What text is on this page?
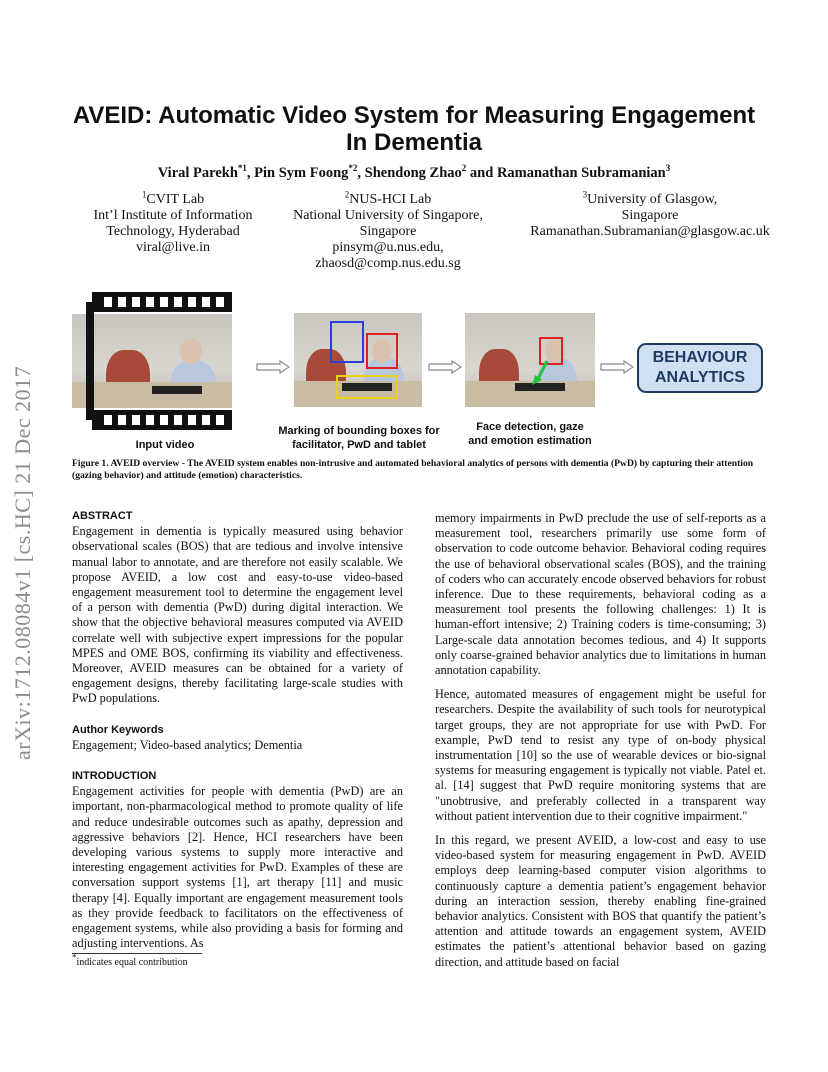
AVEID: Automatic Video System for Measuring Engagement
In Dementia
Viral Parekh$^{*1}$, Pin Sym Foong$^{*2}$, Shendong Zhao$^2$ and Ramanathan Subramanian$^3$
$^1$CVIT Lab
Int’l Institute of Information
Technology, Hyderabad
viral@live.in
$^2$NUS-HCI Lab
National University of Singapore,
Singapore
pinsym@u.nus.edu,
zhaosd@comp.nus.edu.sg
$^3$University of Glasgow,
Singapore
Ramanathan.Subramanian@glasgow.ac.uk
arXiv:1712.08084v1 [cs.HC] 21 Dec 2017	Input video
Marking of bounding boxes for
facilitator, PwD and tablet
Face detection, gaze
and emotion estimation
BEHAVIOUR
ANALYTICS
Figure 1. AVEID overview - The AVEID system enables non-intrusive and automated behavioral analytics of persons with dementia (PwD) by capturing their attention (gazing behavior) and attitude (emotion) characteristics.

ABSTRACT

Engagement in dementia is typically measured using behavior observational scales (BOS) that are tedious and involve intensive manual labor to annotate, and are therefore not easily scalable. We propose AVEID, a low cost and easy-to-use video-based engagement measurement tool to determine the engagement level of a person with dementia (PwD) during digital interaction. We show that the objective behavioral measures computed via AVEID correlate well with subjective expert impressions for the popular MPES and OME BOS, confirming its viability and effectiveness. Moreover, AVEID measures can be obtained for a variety of engagement designs, thereby facilitating large-scale studies with PwD populations.

Author Keywords

Engagement; Video-based analytics; Dementia

INTRODUCTION

Engagement activities for people with dementia (PwD) are an important, non-pharmacological method to promote quality of life and reduce undesirable outcomes such as apathy, depression and aggressive behaviors [2]. Hence, HCI researchers have been developing various systems to supply more interactive and interesting engagement activities for PwD. Examples of these are conversation support systems [1], art therapy [11] and music therapy [4]. Equally important are engagement measurement tools as they provide feedback to facilitators on the effectiveness of engagement systems, while also providing a basis for forming and adjusting interventions. As

*indicates equal contribution

memory impairments in PwD preclude the use of self-reports as a measurement tool, researchers primarily use some form of observation to code outcome behavior. Behavioral coding requires the use of behavioral observational scales (BOS), and the training of coders who can accurately encode observed behaviors for robust inference. Due to these requirements, behavioral coding as a measurement tool presents the following challenges: 1) It is human-effort intensive; 2) Training coders is time-consuming; 3) Large-scale data annotation becomes tedious, and 4) It supports only coarse-grained behavior analytics due to limitations in human annotation capability.

Hence, automated measures of engagement might be useful for researchers. Despite the availability of such tools for neurotypical target groups, they are not appropriate for use with PwD. For example, PwD tend to resist any type of on-body physical instrumentation [10] so the use of wearable devices or bio-signal systems for measuring engagement is typically not viable. Patel et. al. [14] suggest that PwD require monitoring systems that are "unobtrusive, and preferably collected in a transparent way without patient intervention due to their cognitive impairment."

In this regard, we present AVEID, a low-cost and easy to use video-based system for measuring engagement in PwD. AVEID employs deep learning-based computer vision algorithms to continuously capture a dementia patient’s engagement behavior during an interaction session, thereby enabling fine-grained behavior analytics. Consistent with BOS that quantify the patient’s attention and attitude towards an engagement system, AVEID estimates the patient’s attentional behavior based on gazing direction, and attitude based on facial
